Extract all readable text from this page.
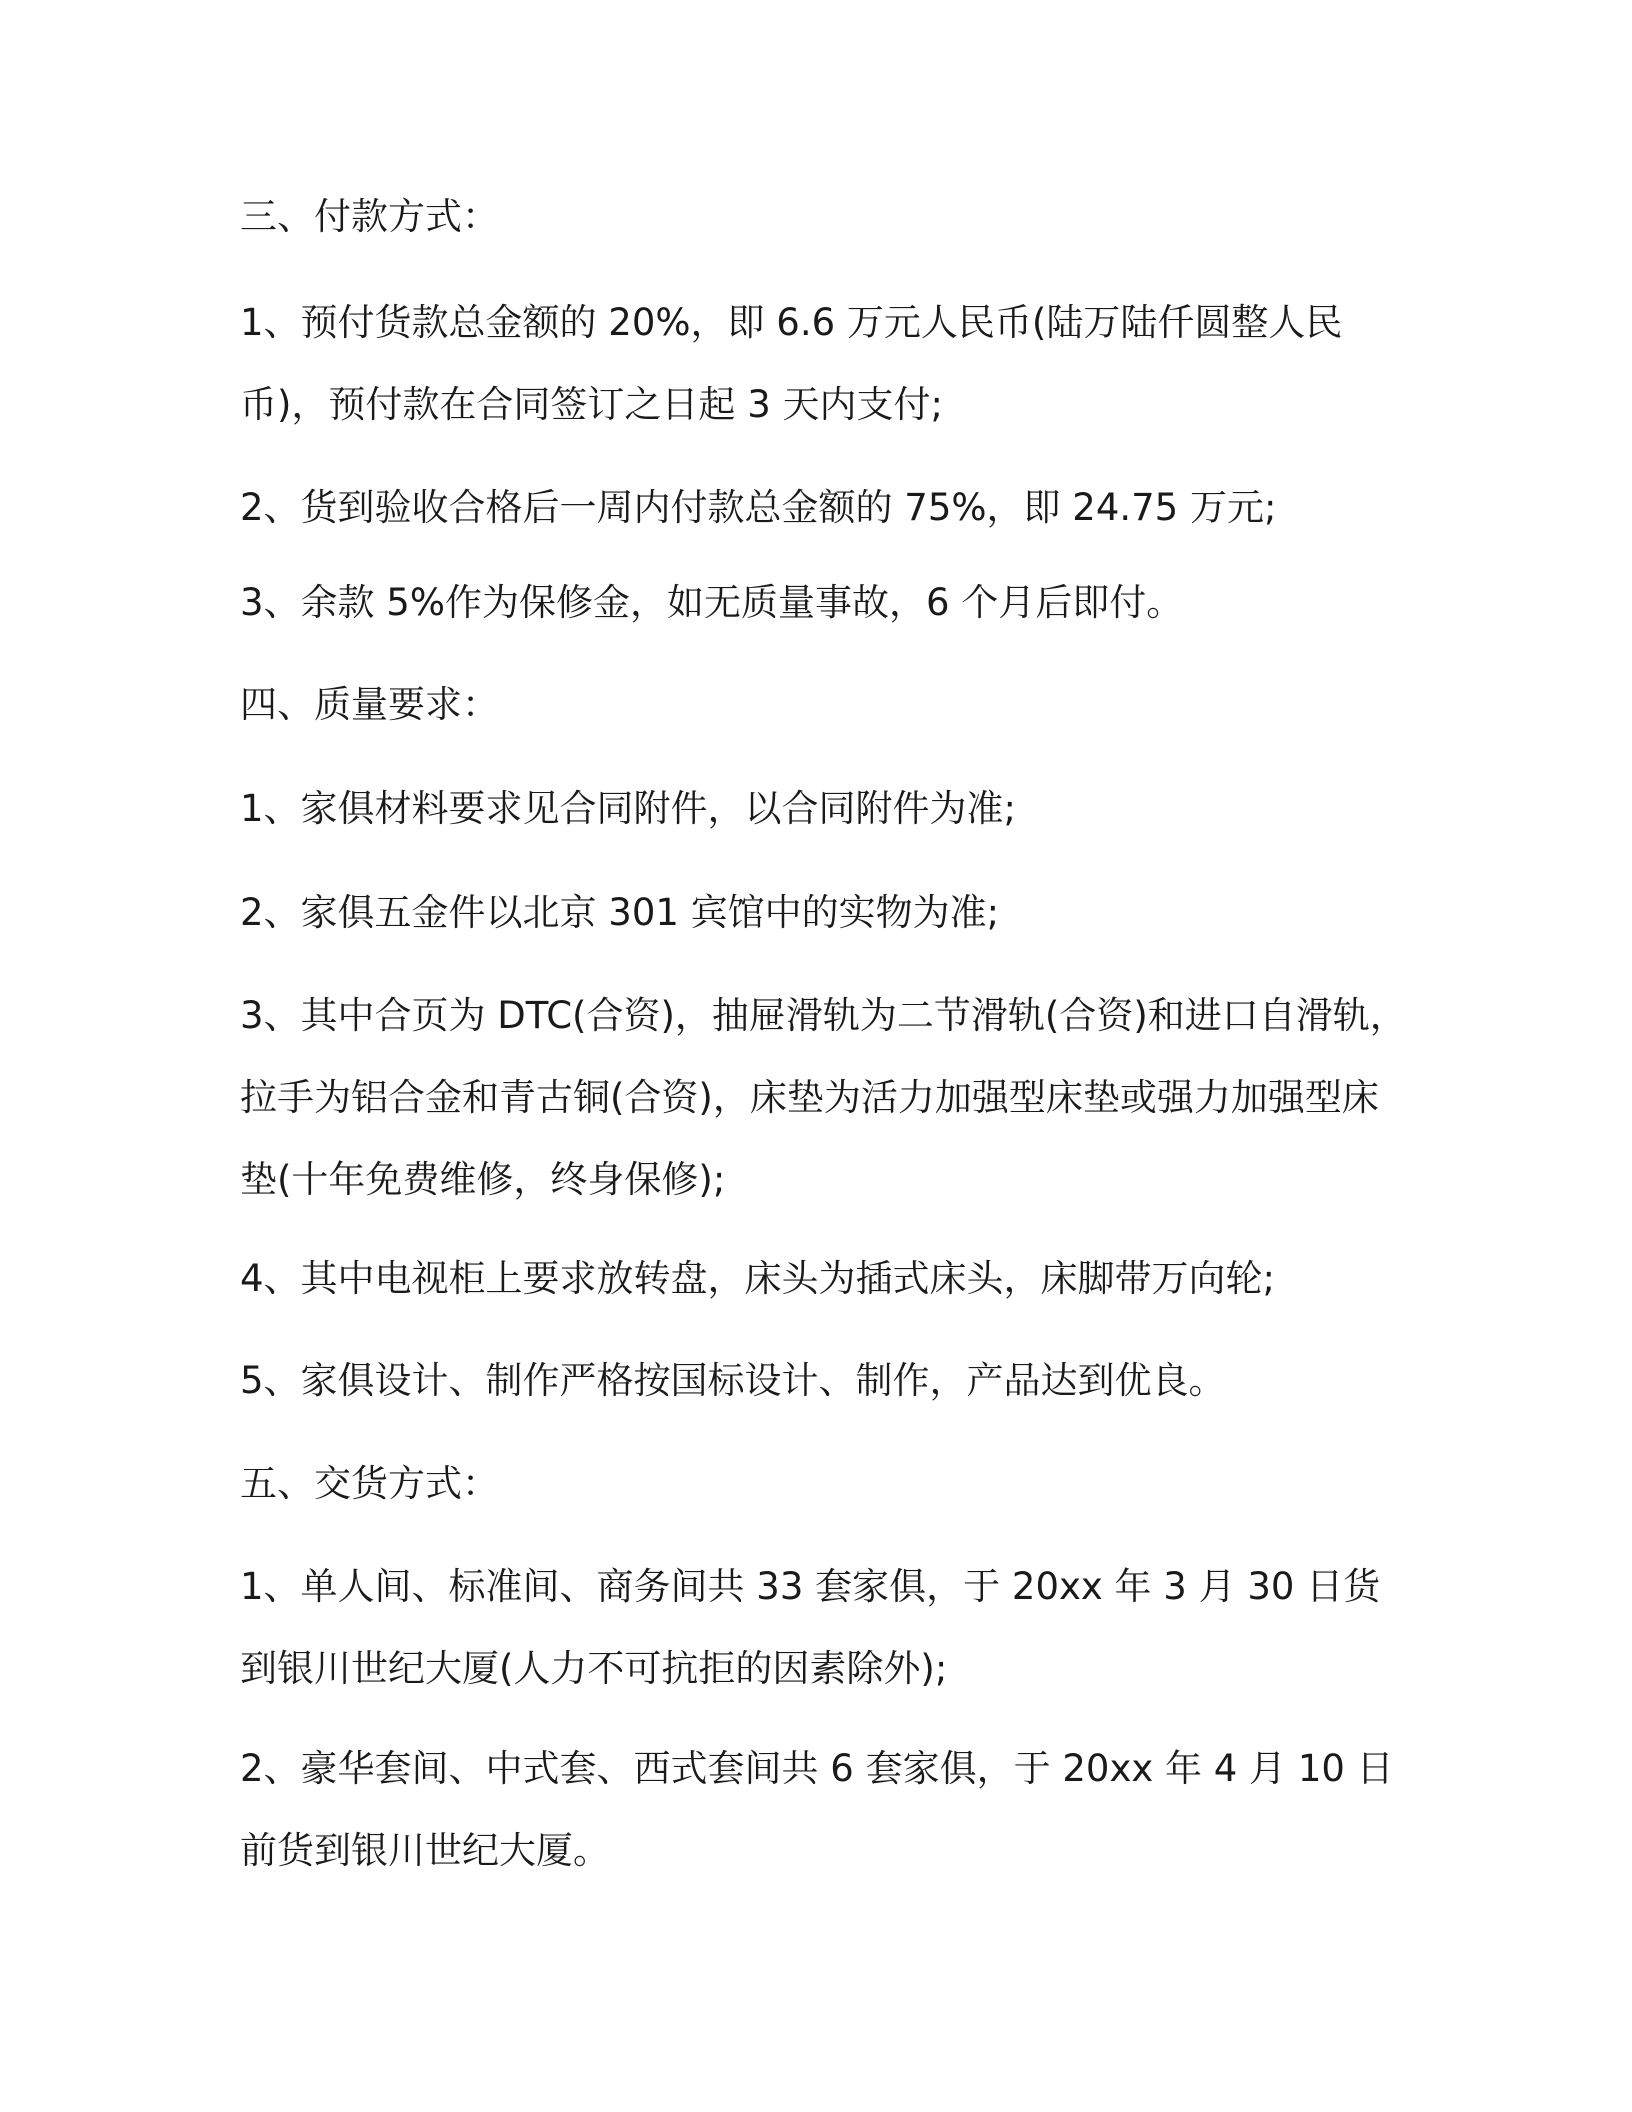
三、付款方式：

1、预付货款总金额的 20%，即 6.6 万元人民币(陆万陆仟圆整人民币)，预付款在合同签订之日起 3 天内支付;

2、货到验收合格后一周内付款总金额的 75%，即 24.75 万元;

3、余款 5%作为保修金，如无质量事故，6 个月后即付。

四、质量要求：

1、家俱材料要求见合同附件，以合同附件为准;

2、家俱五金件以北京 301 宾馆中的实物为准;

3、其中合页为 DTC(合资)，抽屉滑轨为二节滑轨(合资)和进口自滑轨，拉手为铝合金和青古铜(合资)，床垫为活力加强型床垫或强力加强型床垫(十年免费维修，终身保修);

4、其中电视柜上要求放转盘，床头为插式床头，床脚带万向轮;

5、家俱设计、制作严格按国标设计、制作，产品达到优良。

五、交货方式：

1、单人间、标准间、商务间共 33 套家俱，于 20xx 年 3 月 30 日货到银川世纪大厦(人力不可抗拒的因素除外);

2、豪华套间、中式套、西式套间共 6 套家俱，于 20xx 年 4 月 10 日前货到银川世纪大厦。
